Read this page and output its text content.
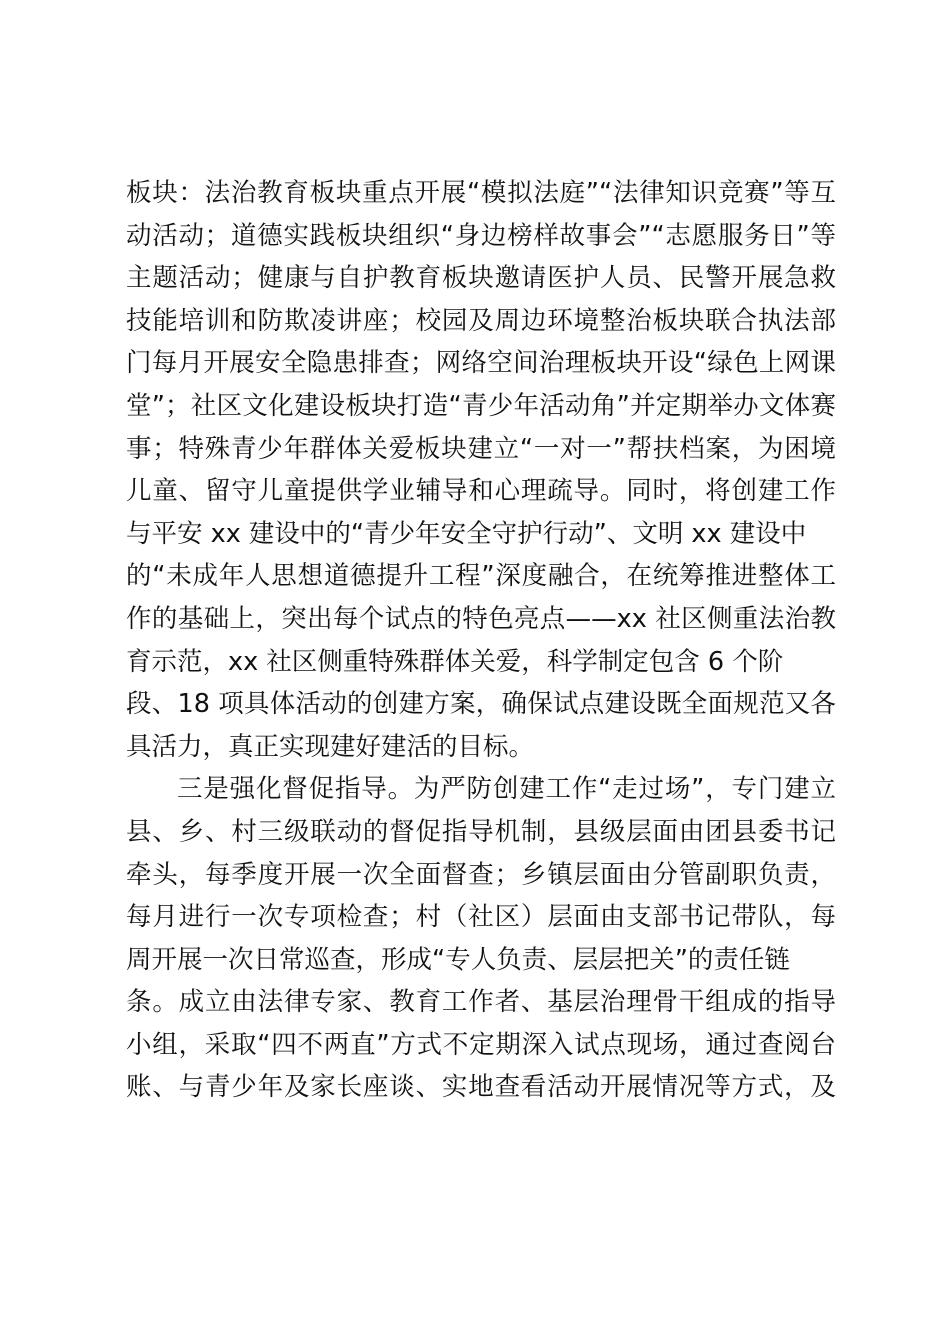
板块：法治教育板块重点开展“模拟法庭”“法律知识竞赛”等互
动活动；道德实践板块组织“身边榜样故事会”“志愿服务日”等
主题活动；健康与自护教育板块邀请医护人员、民警开展急救
技能培训和防欺凌讲座；校园及周边环境整治板块联合执法部
门每月开展安全隐患排查；网络空间治理板块开设“绿色上网课
堂”；社区文化建设板块打造“青少年活动角”并定期举办文体赛
事；特殊青少年群体关爱板块建立“一对一”帮扶档案，为困境
儿童、留守儿童提供学业辅导和心理疏导。同时，将创建工作
与平安 xx 建设中的“青少年安全守护行动”、文明 xx 建设中
的“未成年人思想道德提升工程”深度融合，在统筹推进整体工
作的基础上，突出每个试点的特色亮点——xx 社区侧重法治教
育示范，xx 社区侧重特殊群体关爱，科学制定包含 6 个阶
段、18 项具体活动的创建方案，确保试点建设既全面规范又各
具活力，真正实现建好建活的目标。
三是强化督促指导。为严防创建工作“走过场”，专门建立
县、乡、村三级联动的督促指导机制，县级层面由团县委书记
牵头，每季度开展一次全面督查；乡镇层面由分管副职负责，
每月进行一次专项检查；村（社区）层面由支部书记带队，每
周开展一次日常巡查，形成“专人负责、层层把关”的责任链
条。成立由法律专家、教育工作者、基层治理骨干组成的指导
小组，采取“四不两直”方式不定期深入试点现场，通过查阅台
账、与青少年及家长座谈、实地查看活动开展情况等方式，及
